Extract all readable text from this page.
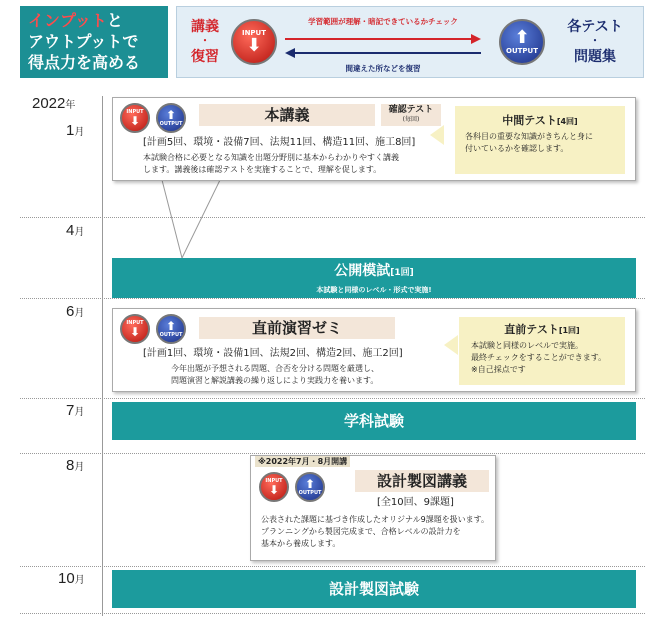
インプットと
アウトプットで
得点力を高める
講義
・
復習
INPUT
⬇
学習範囲が理解・暗記できているかチェック
間違えた所などを復習
⬆
OUTPUT
各テスト
・
問題集
2022年
1月
4月
6月
7月
8月
10月
INPUT
⬇ ⬆
OUTPUT	本講義	確認テスト
(毎回)
[計画5回、環境・設備7回、法規11回、構造11回、施工8回]
本試験合格に必要となる知識を出題分野別に基本からわかりやすく講義
します。講義後は確認テストを実施することで、理解を促します。
中間テスト[4回]
各科目の重要な知識がきちんと身に
付いているかを確認します。
公開模試[1回]
本試験と同様のレベル・形式で実施!
INPUT
⬇ ⬆
OUTPUT	直前演習ゼミ
[計画1回、環境・設備1回、法規2回、構造2回、施工2回]
今年出題が予想される問題、合否を分ける問題を厳選し、
問題演習と解説講義の繰り返しにより実践力を養います。
直前テスト[1回]
本試験と同様のレベルで実施。
最終チェックをすることができます。
※自己採点です
学科試験
※2022年7月・8月開講
INPUT
⬇ ⬆
OUTPUT
設計製図講義
[全10回、9課題]
公表された課題に基づき作成したオリジナル9課題を扱います。
プランニングから製図完成まで、合格レベルの設計力を
基本から養成します。
設計製図試験
